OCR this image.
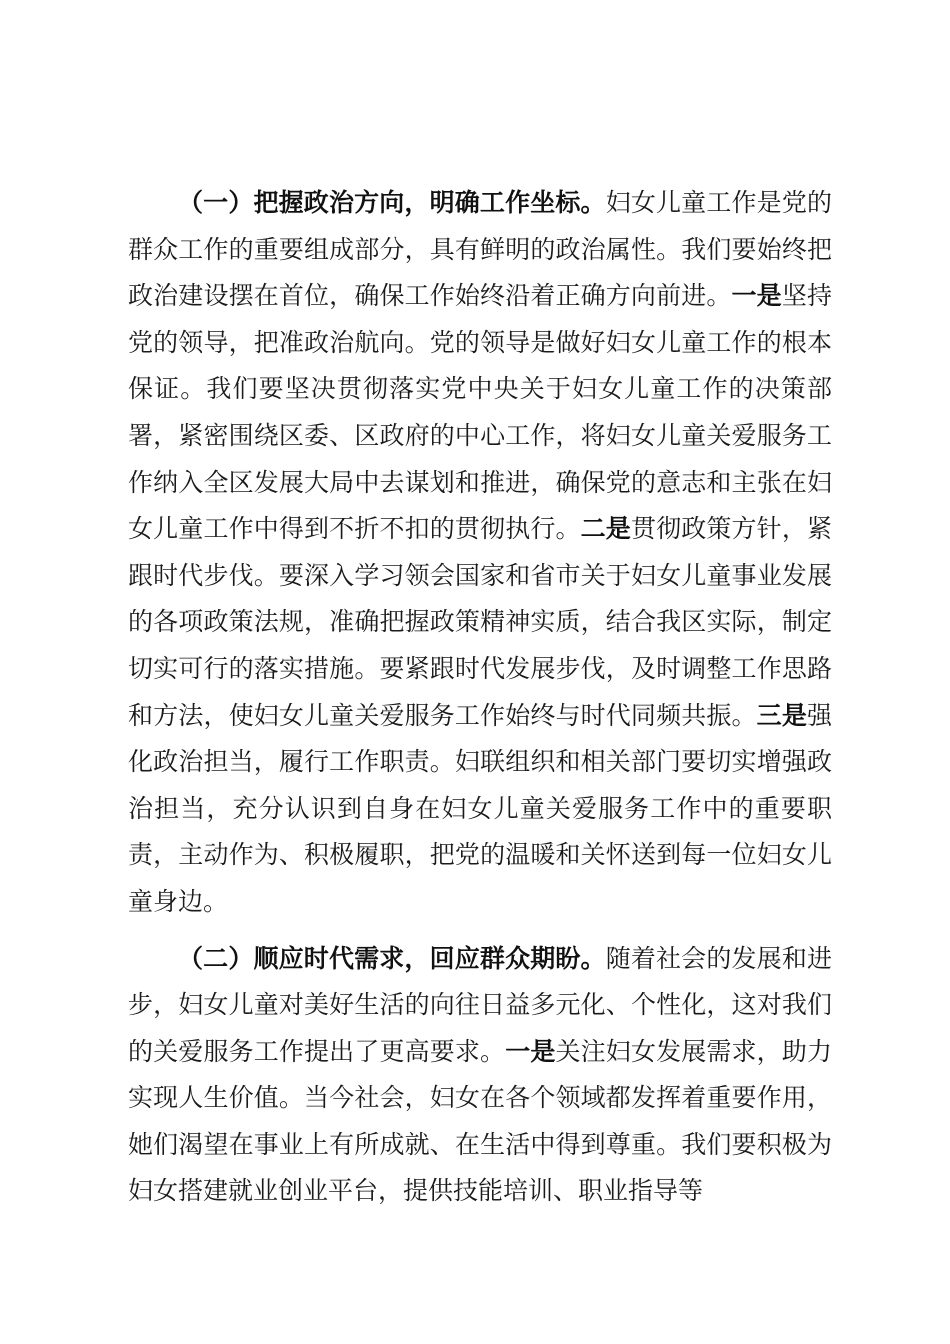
（一）把握政治方向，明确工作坐标。妇女儿童工作是党的群众工作的重要组成部分，具有鲜明的政治属性。我们要始终把政治建设摆在首位，确保工作始终沿着正确方向前进。一是坚持党的领导，把准政治航向。党的领导是做好妇女儿童工作的根本保证。我们要坚决贯彻落实党中央关于妇女儿童工作的决策部署，紧密围绕区委、区政府的中心工作，将妇女儿童关爱服务工作纳入全区发展大局中去谋划和推进，确保党的意志和主张在妇女儿童工作中得到不折不扣的贯彻执行。二是贯彻政策方针，紧跟时代步伐。要深入学习领会国家和省市关于妇女儿童事业发展的各项政策法规，准确把握政策精神实质，结合我区实际，制定切实可行的落实措施。要紧跟时代发展步伐，及时调整工作思路和方法，使妇女儿童关爱服务工作始终与时代同频共振。三是强化政治担当，履行工作职责。妇联组织和相关部门要切实增强政治担当，充分认识到自身在妇女儿童关爱服务工作中的重要职责，主动作为、积极履职，把党的温暖和关怀送到每一位妇女儿童身边。

（二）顺应时代需求，回应群众期盼。随着社会的发展和进步，妇女儿童对美好生活的向往日益多元化、个性化，这对我们的关爱服务工作提出了更高要求。一是关注妇女发展需求，助力实现人生价值。当今社会，妇女在各个领域都发挥着重要作用，她们渴望在事业上有所成就、在生活中得到尊重。我们要积极为妇女搭建就业创业平台，提供技能培训、职业指导等
